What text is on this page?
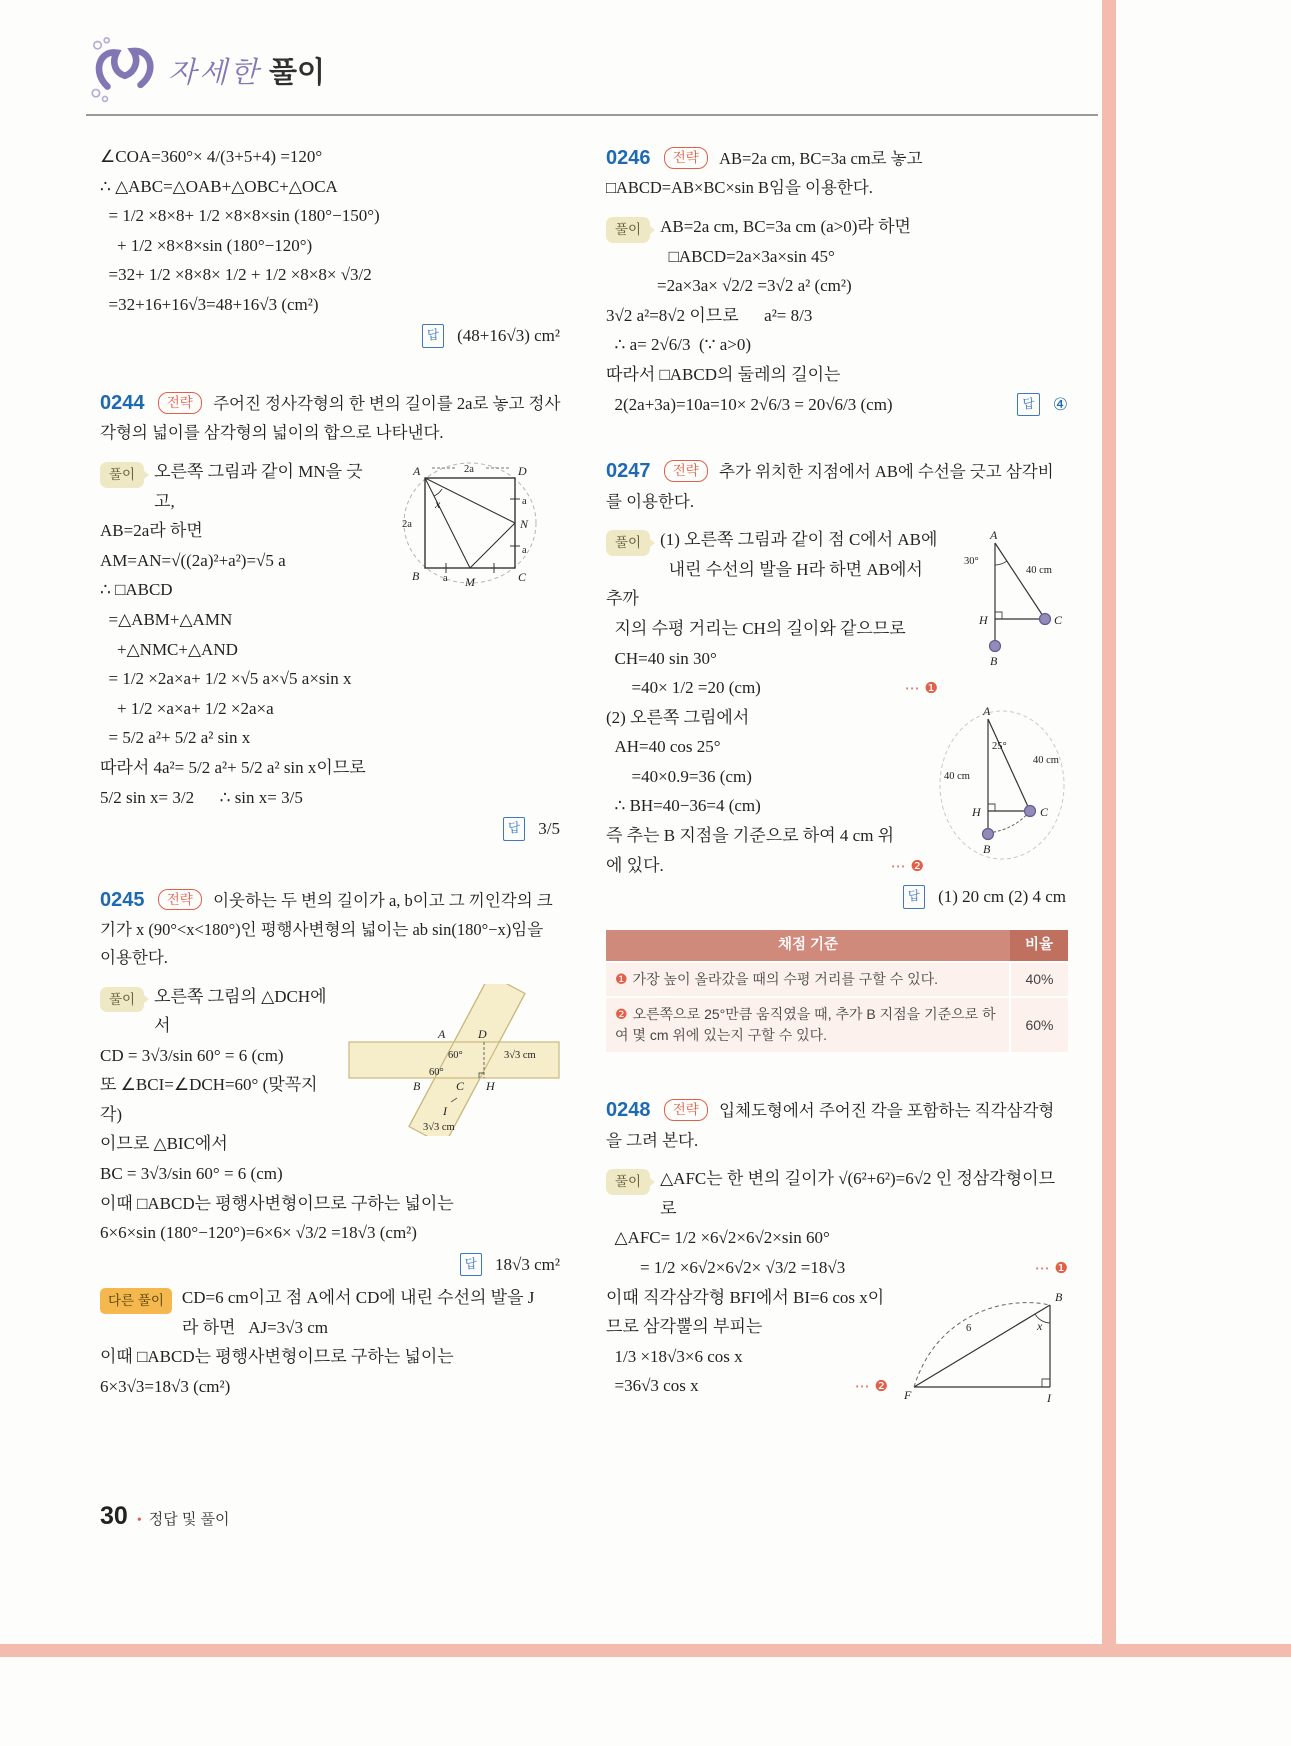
자세한 풀이
∠COA=360°× 4/(3+5+4) =120°
∴ △ABC=△OAB+△OBC+△OCA
= 1/2 ×8×8+ 1/2 ×8×8×sin (180°−150°)
+ 1/2 ×8×8×sin (180°−120°)
=32+ 1/2 ×8×8× 1/2 + 1/2 ×8×8× √3/2
=32+16+16√3=48+16√3 (cm²)
답 (48+16√3) cm²

0244 전략 주어진 정사각형의 한 변의 길이를 2a로 놓고 정사각형의 넓이를 삼각형의 넓이의 합으로 나타낸다.

A	D
B	C
M
N
x
2a
2a
a
a
a
풀이	오른쪽 그림과 같이 MN을 긋고,
AB=2a라 하면
AM=AN=√((2a)²+a²)=√5 a
∴ □ABCD
=△ABM+△AMN
+△NMC+△AND
= 1/2 ×2a×a+ 1/2 ×√5 a×√5 a×sin x
+ 1/2 ×a×a+ 1/2 ×2a×a
= 5/2 a²+ 5/2 a² sin x
따라서 4a²= 5/2 a²+ 5/2 a² sin x이므로
5/2 sin x= 3/2      ∴ sin x= 3/5
답 3/5

0245 전략 이웃하는 두 변의 길이가 a, b이고 그 끼인각의 크기가 x (90°<x<180°)인 평행사변형의 넓이는 ab sin(180°−x)임을 이용한다.

A	D
B	C H
I
60°
60°
3√3 cm
3√3 cm
풀이	오른쪽 그림의 △DCH에서
CD = 3√3/sin 60° = 6 (cm)
또 ∠BCI=∠DCH=60° (맞꼭지각)
이므로 △BIC에서
BC = 3√3/sin 60° = 6 (cm)
이때 □ABCD는 평행사변형이므로 구하는 넓이는
6×6×sin (180°−120°)=6×6× √3/2 =18√3 (cm²)
답 18√3 cm²
다른 풀이	CD=6 cm이고 점 A에서 CD에 내린 수선의 발을 J
라 하면   AJ=3√3 cm
이때 □ABCD는 평행사변형이므로 구하는 넓이는
6×3√3=18√3 (cm²)

0246 전략 AB=2a cm, BC=3a cm로 놓고 □ABCD=AB×BC×sin B임을 이용한다.

풀이	AB=2a cm, BC=3a cm (a>0)라 하면
□ABCD=2a×3a×sin 45°
=2a×3a× √2/2 =3√2 a² (cm²)
3√2 a²=8√2 이므로      a²= 8/3
∴ a= 2√6/3  (∵ a>0)
따라서 □ABCD의 둘레의 길이는
2(2a+3a)=10a=10× 2√6/3 = 20√6/3 (cm)	답 ④

0247 전략 추가 위치한 지점에서 AB에 수선을 긋고 삼각비를 이용한다.

A
30°
40 cm
H
B
C
풀이	(1) 오른쪽 그림과 같이 점 C에서 AB에
내린 수선의 발을 H라 하면 AB에서 추까
지의 수평 거리는 CH의 길이와 같으므로
CH=40 sin 30°
=40× 1/2 =20 (cm)	⋯ ❶
A
40 cm
25°
40 cm
H
B
C
(2) 오른쪽 그림에서
AH=40 cos 25°
=40×0.9=36 (cm)
∴ BH=40−36=4 (cm)
즉 추는 B 지점을 기준으로 하여 4 cm 위
에 있다.	⋯ ❷
답 (1) 20 cm (2) 4 cm
채점 기준	비율
❶ 가장 높이 올라갔을 때의 수평 거리를 구할 수 있다.	40%
❷ 오른쪽으로 25°만큼 움직였을 때, 추가 B 지점을 기준으로 하여 몇 cm 위에 있는지 구할 수 있다.	60%

0248 전략 입체도형에서 주어진 각을 포함하는 직각삼각형을 그려 본다.

풀이	△AFC는 한 변의 길이가 √(6²+6²)=6√2 인 정삼각형이므로
△AFC= 1/2 ×6√2×6√2×sin 60°
= 1/2 ×6√2×6√2× √3/2 =18√3	⋯ ❶
B
F	I
x
6
이때 직각삼각형 BFI에서 BI=6 cos x이므로 삼각뿔의 부피는
1/3 ×18√3×6 cos x
=36√3 cos x	⋯ ❷
30 • 정답 및 풀이
